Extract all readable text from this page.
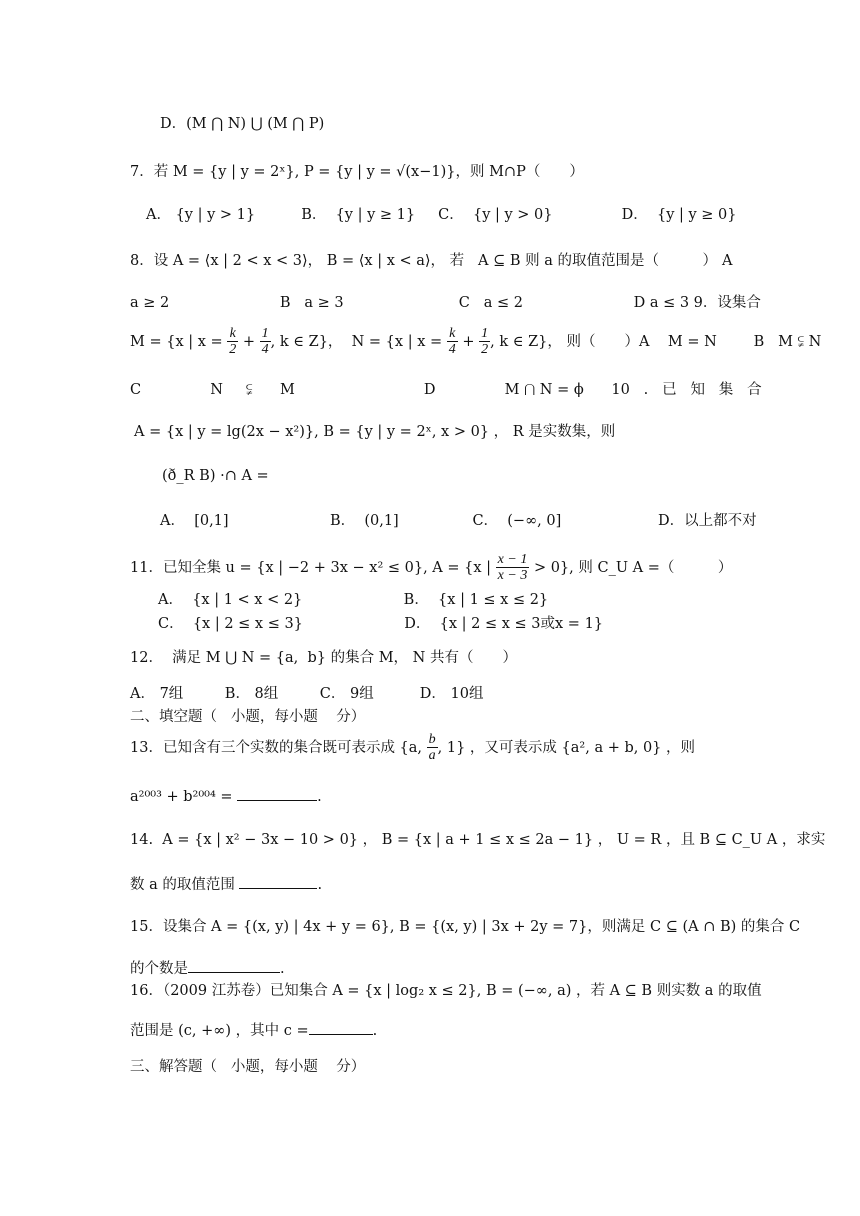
D．(M ⋂ N) ⋃ (M ⋂ P)
7．若 M = {y | y = 2ˣ}, P = {y | y = √(x−1)}，则 M∩P（　　）
A． {y | y > 1}          B．  {y | y ≥ 1}     C．  {y | y > 0}               D．  {y | y ≥ 0}
8．设 A = ⟨x | 2 < x < 3⟩， B = ⟨x | x < a⟩， 若   A ⊆ B 则 a 的取值范围是（　　　） A
a ≥ 2                        B   a ≥ 3                         C   a ≤ 2                        D a ≤ 3 9．设集合
M = {x | $x = \frac{k}{2} + \frac{1}{4}$ , k ∈ Z}，  N = {x | $x = \frac{k}{4} + \frac{1}{2}$ , k ∈ Z}， 则（　　）A    M = N        B   M ⫋ N
C               N     ⫋      M                            D               M ⋂ N = ϕ      10   .   已   知   集   合
A = {x | y = lg(2x − x²)}, B = {y | y = 2ˣ, x > 0} ， R 是实数集，则
(ð_R B) ·∩ A =
A．  [0,1]                      B．  (0,1]                C．  (−∞, 0]                     D．以上都不对
11．已知全集 u = {x | −2 + 3x − x² ≤ 0}, A = {x | $\frac{x - 1}{x - 3} > 0$}, 则 C_U A =（　　　）
A．  {x | 1 < x < 2}                      B．  {x | 1 ≤ x ≤ 2}
C．  {x | 2 ≤ x ≤ 3}                      D．  {x | 2 ≤ x ≤ 3或x = 1}
12．  满足 M ⋃ N = {a,  b} 的集合 M， N 共有（　　）
A． 7组         B． 8组         C． 9组          D． 10组
二、填空题（   小题，每小题    分）
13．已知含有三个实数的集合既可表示成 {a, $\frac{b}{a}$ , 1} ，又可表示成 {a², a + b, 0} ，则
a²⁰⁰³ + b²⁰⁰⁴ =	.
14.  A = {x | x² − 3x − 10 > 0} ， B = {x | a + 1 ≤ x ≤ 2a − 1} ， U = R ，且 B ⊆ C_U A ，求实
数 a 的取值范围	.
15．设集合 A = {(x, y) | 4x + y = 6}, B = {(x, y) | 3x + 2y = 7}，则满足 C ⊆ (A ∩ B) 的集合 C
的个数是	.
16．（2009 江苏卷）已知集合 A = {x | log₂ x ≤ 2}, B = (−∞, a) ，若 A ⊆ B 则实数 a 的取值
范围是 (c, +∞) ，其中 c =	.
三、解答题（   小题，每小题    分）
